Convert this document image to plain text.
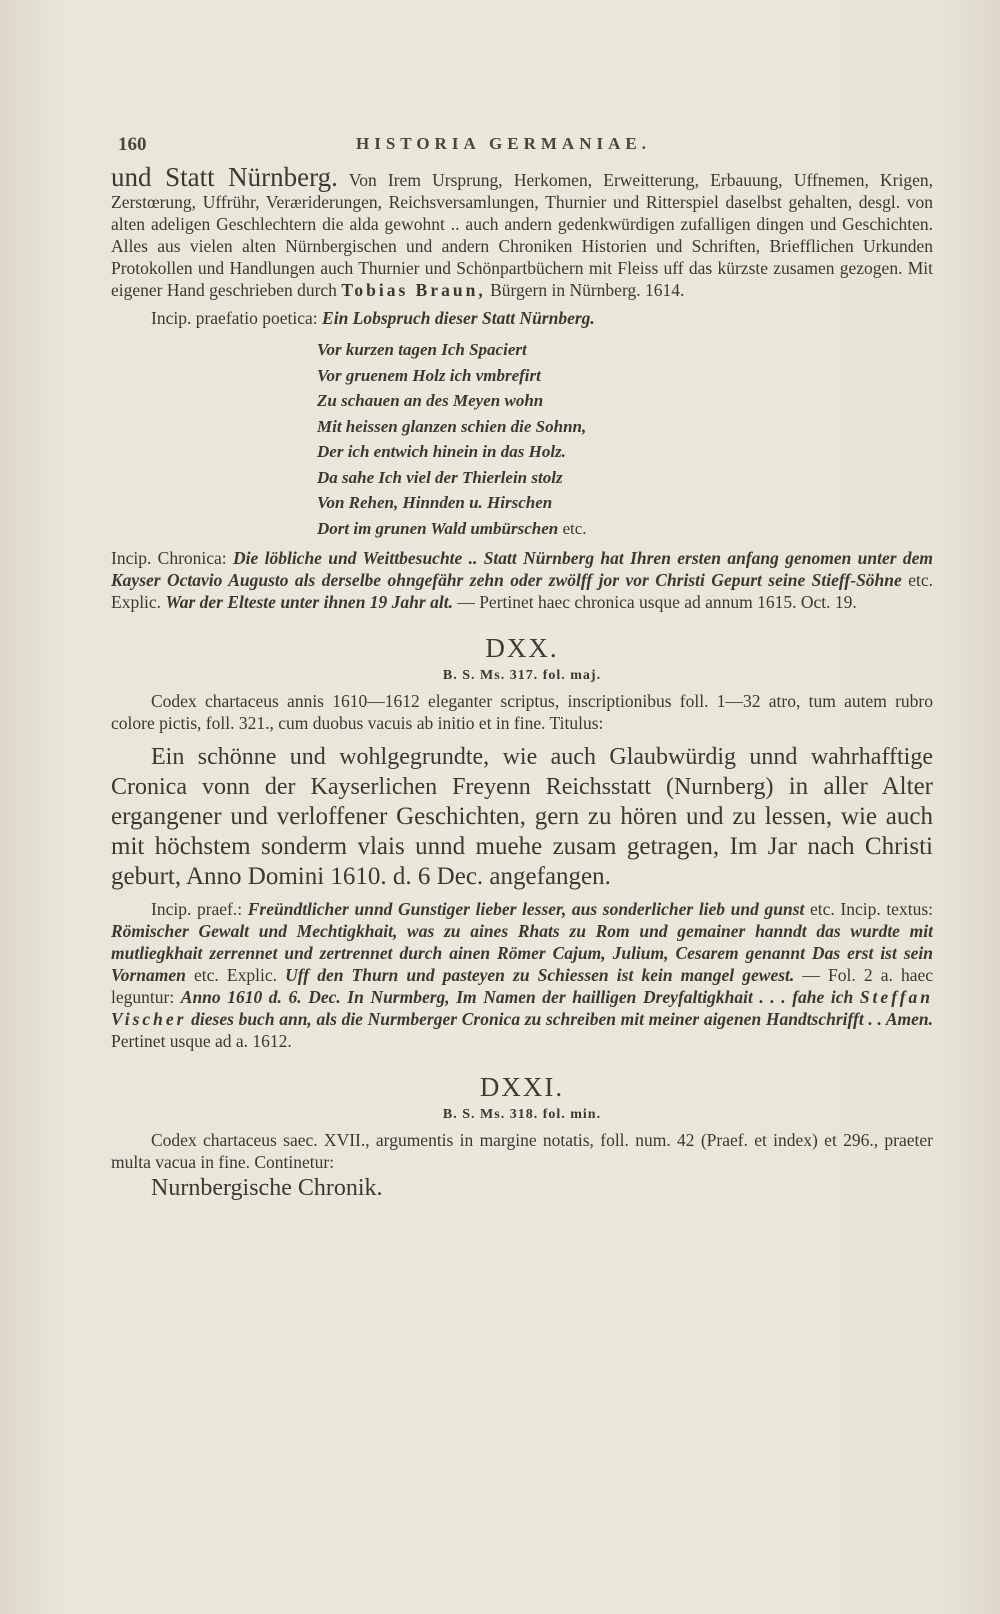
160	HISTORIA GERMANIAE.

und Statt Nürnberg. Von Irem Ursprung, Herkomen, Erweitterung, Erbauung, Uffnemen, Krigen, Zerstœrung, Uffrühr, Veræriderungen, Reichsversamlungen, Thurnier und Ritterspiel daselbst gehalten, desgl. von alten adeligen Geschlechtern die alda gewohnt .. auch andern gedenkwürdigen zufalligen dingen und Geschichten. Alles aus vielen alten Nürnbergischen und andern Chroniken Historien und Schriften, Briefflichen Urkunden Protokollen und Handlungen auch Thurnier und Schönpartbüchern mit Fleiss uff das kürzste zusamen gezogen. Mit eigener Hand geschrieben durch Tobias Braun, Bürgern in Nürnberg. 1614.

Incip. praefatio poetica: Ein Lobspruch dieser Statt Nürnberg.

Vor kurzen tagen Ich Spaciert
Vor gruenem Holz ich vmbrefirt
Zu schauen an des Meyen wohn
Mit heissen glanzen schien die Sohnn,
Der ich entwich hinein in das Holz.
Da sahe Ich viel der Thierlein stolz
Von Rehen, Hinnden u. Hirschen
Dort im grunen Wald umbürschen etc.

Incip. Chronica: Die löbliche und Weittbesuchte .. Statt Nürnberg hat Ihren ersten anfang genomen unter dem Kayser Octavio Augusto als derselbe ohngefähr zehn oder zwölff jor vor Christi Gepurt seine Stieff-Söhne etc. Explic. War der Elteste unter ihnen 19 Jahr alt. — Pertinet haec chronica usque ad annum 1615. Oct. 19.

DXX.
B. S. Ms. 317. fol. maj.

Codex chartaceus annis 1610—1612 eleganter scriptus, inscriptionibus foll. 1—32 atro, tum autem rubro colore pictis, foll. 321., cum duobus vacuis ab initio et in fine. Titulus:

Ein schönne und wohlgegrundte, wie auch Glaubwürdig unnd wahrhafftige Cronica vonn der Kayserlichen Freyenn Reichsstatt (Nurnberg) in aller Alter ergangener und verloffener Geschichten, gern zu hören und zu lessen, wie auch mit höchstem sonderm vlais unnd muehe zusam getragen, Im Jar nach Christi geburt, Anno Domini 1610. d. 6 Dec. angefangen.

Incip. praef.: Freündtlicher unnd Gunstiger lieber lesser, aus sonderlicher lieb und gunst etc. Incip. textus: Römischer Gewalt und Mechtigkhait, was zu aines Rhats zu Rom und gemainer hanndt das wurdte mit mutliegkhait zerrennet und zertrennet durch ainen Römer Cajum, Julium, Cesarem genannt Das erst ist sein Vornamen etc. Explic. Uff den Thurn und pasteyen zu Schiessen ist kein mangel gewest. — Fol. 2 a. haec leguntur: Anno 1610 d. 6. Dec. In Nurmberg, Im Namen der hailligen Dreyfaltigkhait . . . fahe ich Steffan Vischer dieses buch ann, als die Nurmberger Cronica zu schreiben mit meiner aigenen Handtschrifft . . Amen. Pertinet usque ad a. 1612.

DXXI.
B. S. Ms. 318. fol. min.

Codex chartaceus saec. XVII., argumentis in margine notatis, foll. num. 42 (Praef. et index) et 296., praeter multa vacua in fine. Continetur:

Nurnbergische Chronik.
